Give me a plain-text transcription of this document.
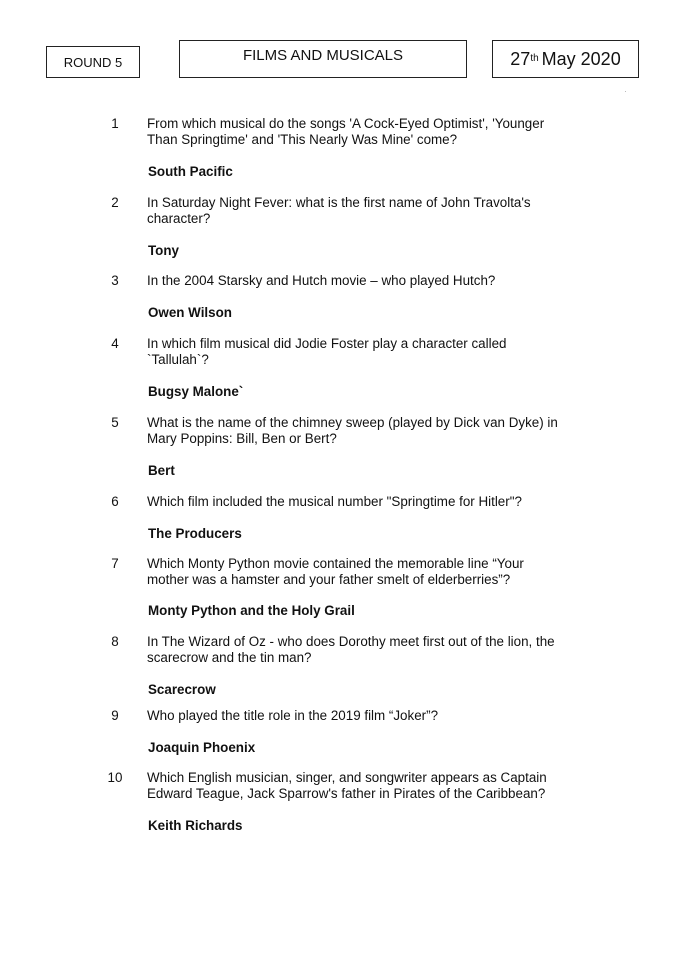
ROUND 5	FILMS AND MUSICALS	27th May 2020
1	From which musical do the songs 'A Cock-Eyed Optimist', 'Younger
Than Springtime' and 'This Nearly Was Mine' come?
South Pacific
2	In Saturday Night Fever: what is the first name of John Travolta's
character?
Tony
3	In the 2004 Starsky and Hutch movie – who played Hutch?
Owen Wilson
4	In which film musical did Jodie Foster play a character called
`Tallulah`?
Bugsy Malone`
5	What is the name of the chimney sweep (played by Dick van Dyke) in
Mary Poppins: Bill, Ben or Bert?
Bert
6	Which film included the musical number "Springtime for Hitler"?
The Producers
7	Which Monty Python movie contained the memorable line “Your
mother was a hamster and your father smelt of elderberries”?
Monty Python and the Holy Grail
8	In The Wizard of Oz - who does Dorothy meet first out of the lion, the
scarecrow and the tin man?
Scarecrow
9	Who played the title role in the 2019 film “Joker”?
Joaquin Phoenix
10	Which English musician, singer, and songwriter appears as Captain
Edward Teague, Jack Sparrow's father in Pirates of the Caribbean?
Keith Richards
